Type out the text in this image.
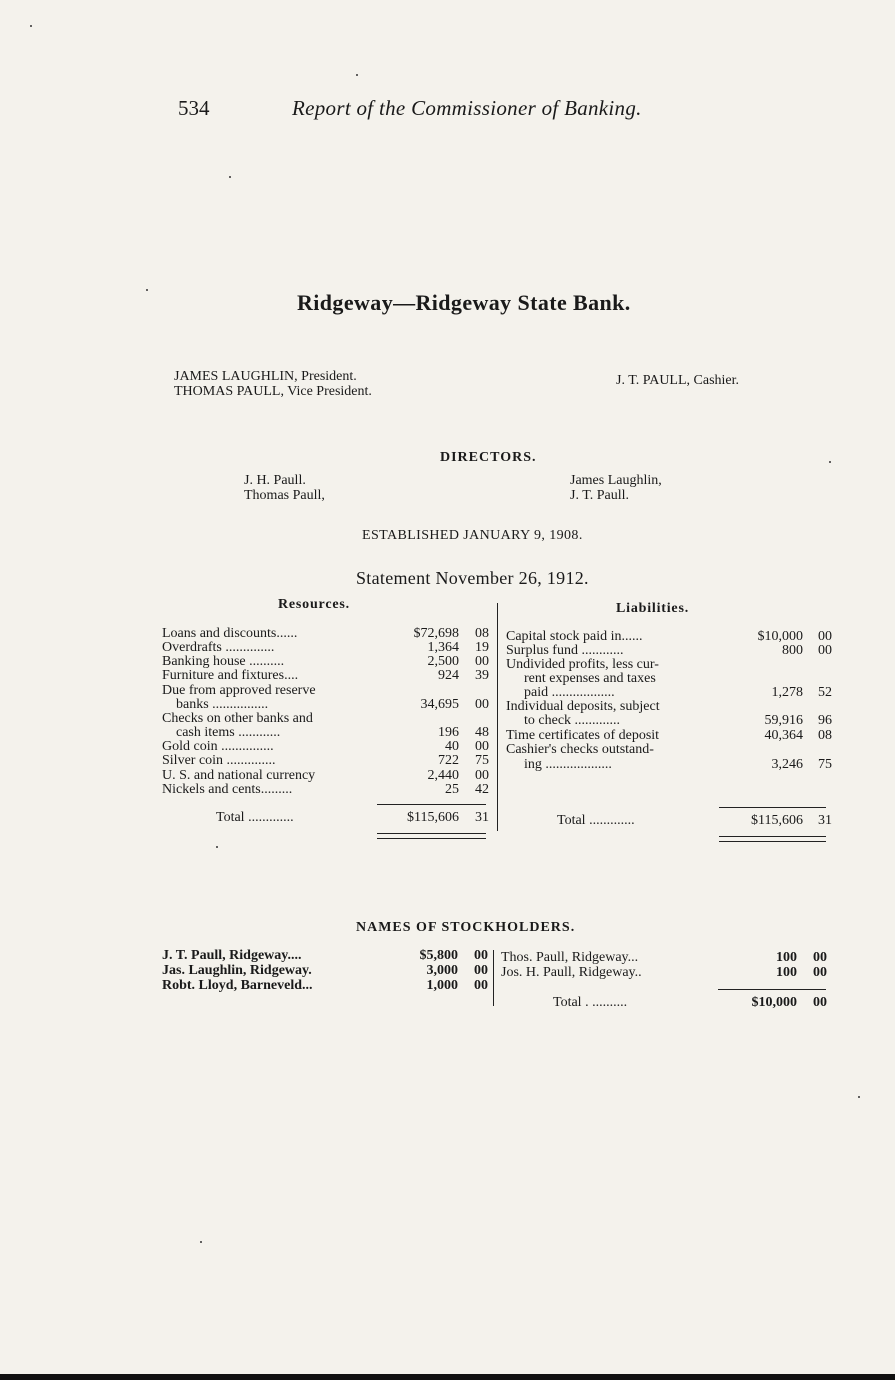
534	Report of the Commissioner of Banking.
Ridgeway—Ridgeway State Bank.
JAMES LAUGHLIN, President.
THOMAS PAULL, Vice President.
J. T. PAULL, Cashier.
DIRECTORS.
J. H. Paull.
Thomas Paull,
James Laughlin,
J. T. Paull.
ESTABLISHED JANUARY 9, 1908.
Statement November 26, 1912.
Resources.	Liabilities.
Loans and discounts......	$72,698 08
Overdrafts ..............	1,364 19
Banking house ..........	2,500 00
Furniture and fixtures....	924 39
Due from approved reserve
banks ................	34,695 00
Checks on other banks and
cash items ............	196 48
Gold coin ...............	40 00
Silver coin ..............	722 75
U. S. and national currency	2,440 00
Nickels and cents.........	25 42
Total .............	$115,606 31
Capital stock paid in......	$10,000 00
Surplus fund ............	800 00
Undivided profits, less cur-
rent expenses and taxes
paid ..................	1,278 52
Individual deposits, subject
to check .............	59,916 96
Time certificates of deposit	40,364 08
Cashier's checks outstand-
ing ...................	3,246 75
Total .............	$115,606 31
NAMES OF STOCKHOLDERS.
J. T. Paull, Ridgeway....	$5,800 00
Jas. Laughlin, Ridgeway.	3,000 00
Robt. Lloyd, Barneveld...	1,000 00
Thos. Paull, Ridgeway...	100 00
Jos. H. Paull, Ridgeway..	100 00
Total . ..........	$10,000 00
